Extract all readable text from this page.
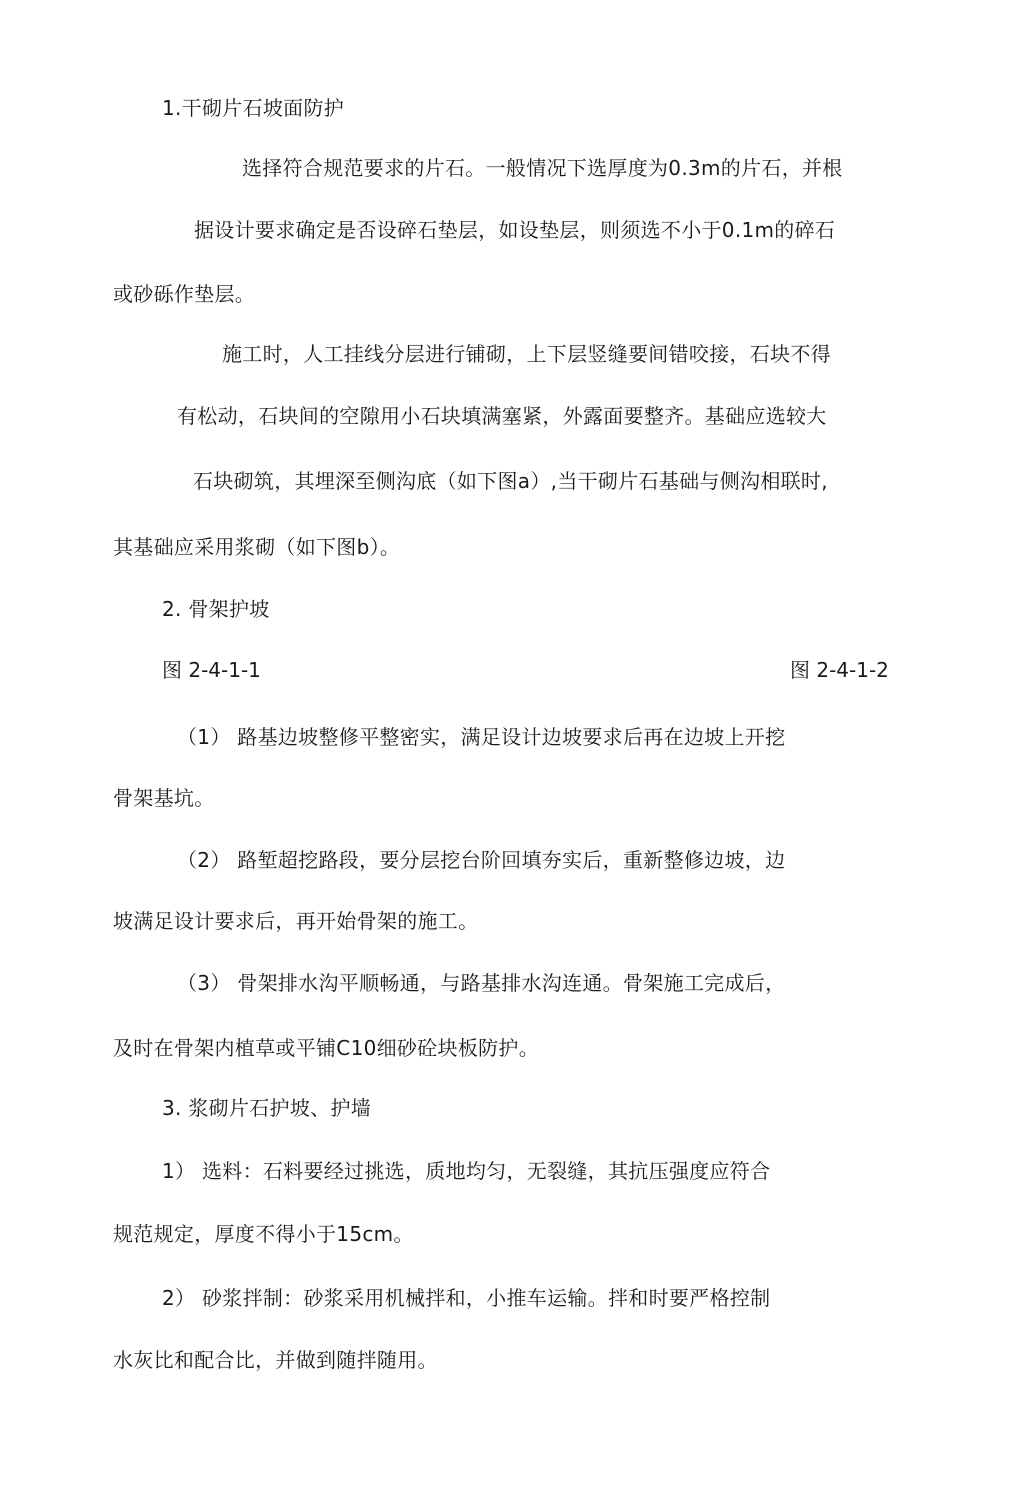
1.干砌片石坡面防护

选择符合规范要求的片石。一般情况下选厚度为0.3m的片石，并根

据设计要求确定是否设碎石垫层，如设垫层，则须选不小于0.1m的碎石

或砂砾作垫层。

施工时，人工挂线分层进行铺砌，上下层竖缝要间错咬接，石块不得

有松动，石块间的空隙用小石块填满塞紧，外露面要整齐。基础应选较大

石块砌筑，其埋深至侧沟底（如下图a）,当干砌片石基础与侧沟相联时,

其基础应采用浆砌（如下图b）。

2. 骨架护坡

图 2-4-1-1	图 2-4-1-2

（1） 路基边坡整修平整密实，满足设计边坡要求后再在边坡上开挖

骨架基坑。

（2） 路堑超挖路段，要分层挖台阶回填夯实后，重新整修边坡，边

坡满足设计要求后，再开始骨架的施工。

（3） 骨架排水沟平顺畅通，与路基排水沟连通。骨架施工完成后，

及时在骨架内植草或平铺C10细砂砼块板防护。

3. 浆砌片石护坡、护墙

1） 选料：石料要经过挑选，质地均匀，无裂缝，其抗压强度应符合

规范规定，厚度不得小于15cm。

2） 砂浆拌制：砂浆采用机械拌和，小推车运输。拌和时要严格控制

水灰比和配合比，并做到随拌随用。
